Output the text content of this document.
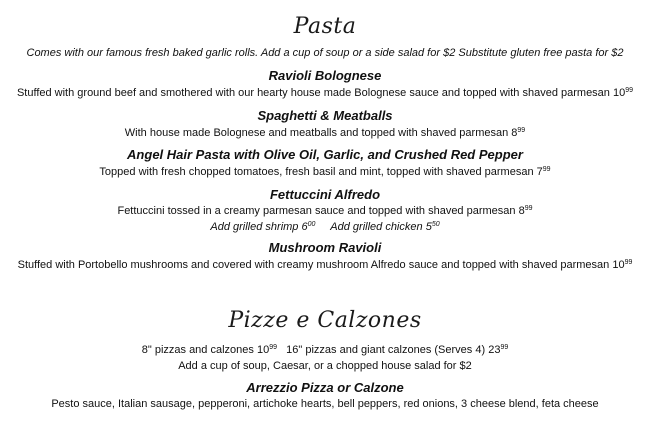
Pasta
Comes with our famous fresh baked garlic rolls. Add a cup of soup or a side salad for $2 Substitute gluten free pasta for $2
Ravioli Bolognese
Stuffed with ground beef and smothered with our hearty house made Bolognese sauce and topped with shaved parmesan $10^{99}$
Spaghetti & Meatballs
With house made Bolognese and meatballs and topped with shaved parmesan $8^{99}$
Angel Hair Pasta with Olive Oil, Garlic, and Crushed Red Pepper
Topped with fresh chopped tomatoes, fresh basil and mint, topped with shaved parmesan $7^{99}$
Fettuccini Alfredo
Fettuccini tossed in a creamy parmesan sauce and topped with shaved parmesan $8^{99}$
Add grilled shrimp $6^{00}$ Add grilled chicken $5^{50}$
Mushroom Ravioli
Stuffed with Portobello mushrooms and covered with creamy mushroom Alfredo sauce and topped with shaved parmesan $10^{99}$
Pizze e Calzones
8" pizzas and calzones $10^{99}$ 16" pizzas and giant calzones (Serves 4) $23^{99}$
Add a cup of soup, Caesar, or a chopped house salad for $2
Arrezzio Pizza or Calzone
Pesto sauce, Italian sausage, pepperoni, artichoke hearts, bell peppers, red onions, 3 cheese blend, feta cheese
